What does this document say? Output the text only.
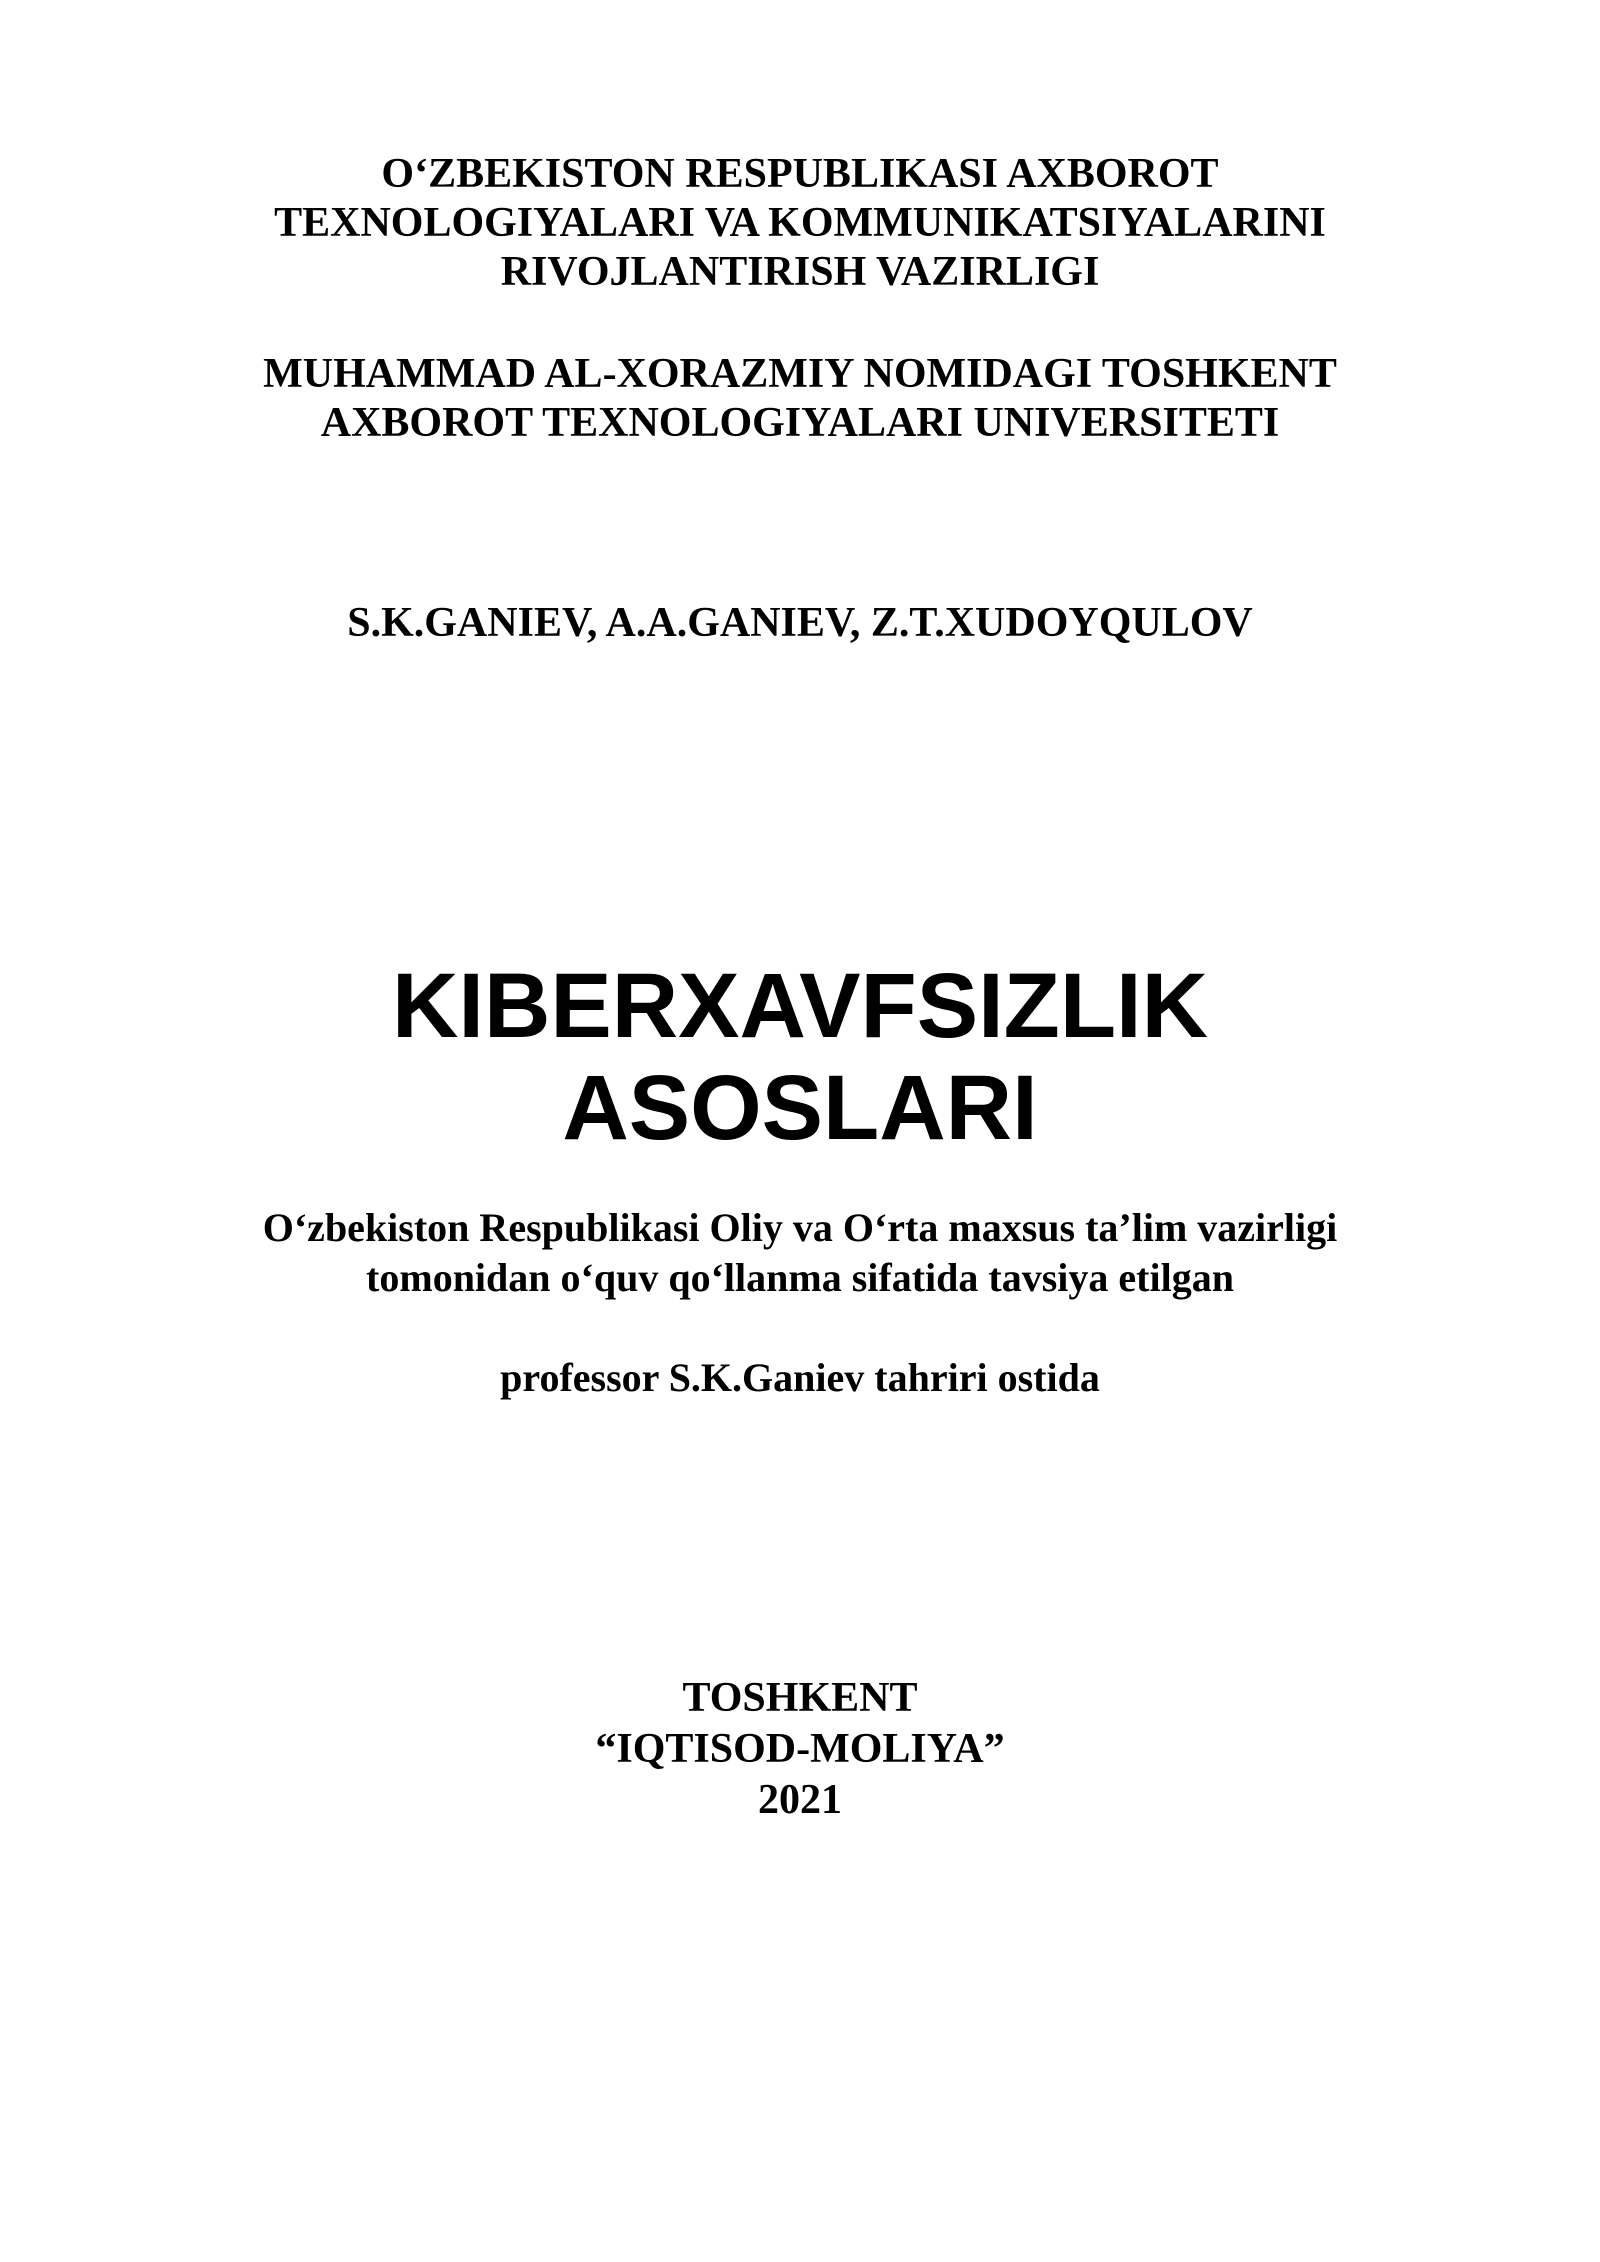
O‘ZBEKISTON RESPUBLIKASI AXBOROT
TEXNOLOGIYALARI VA KOMMUNIKATSIYALARINI
RIVOJLANTIRISH VAZIRLIGI
MUHAMMAD AL-XORAZMIY NOMIDAGI TOSHKENT
AXBOROT TEXNOLOGIYALARI UNIVERSITETI
S.K.GANIEV, A.A.GANIEV, Z.T.XUDOYQULOV
KIBERXAVFSIZLIK
ASOSLARI
O‘zbekiston Respublikasi Oliy va O‘rta maxsus ta’lim vazirligi
tomonidan o‘quv qo‘llanma sifatida tavsiya etilgan
professor S.K.Ganiev tahriri ostida
TOSHKENT
“IQTISOD-MOLIYA”
2021
